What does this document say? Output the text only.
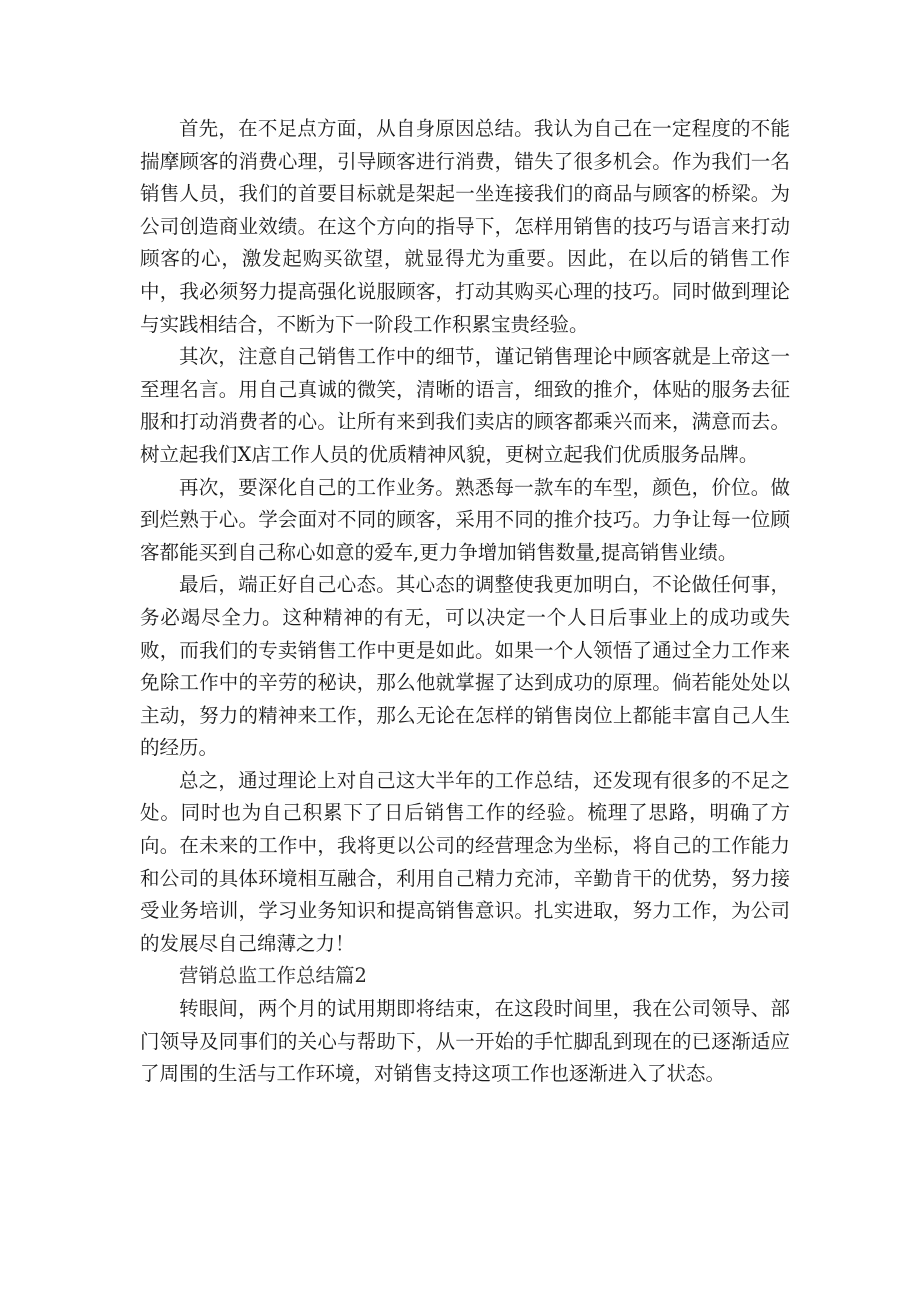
首先，在不足点方面，从自身原因总结。我认为自己在一定程度的不能揣摩顾客的消费心理，引导顾客进行消费，错失了很多机会。作为我们一名销售人员，我们的首要目标就是架起一坐连接我们的商品与顾客的桥梁。为公司创造商业效绩。在这个方向的指导下，怎样用销售的技巧与语言来打动顾客的心，激发起购买欲望，就显得尤为重要。因此，在以后的销售工作中，我必须努力提高强化说服顾客，打动其购买心理的技巧。同时做到理论与实践相结合，不断为下一阶段工作积累宝贵经验。

其次，注意自己销售工作中的细节，谨记销售理论中顾客就是上帝这一至理名言。用自己真诚的微笑，清晰的语言，细致的推介，体贴的服务去征服和打动消费者的心。让所有来到我们卖店的顾客都乘兴而来，满意而去。树立起我们X店工作人员的优质精神风貌，更树立起我们优质服务品牌。

再次，要深化自己的工作业务。熟悉每一款车的车型，颜色，价位。做到烂熟于心。学会面对不同的顾客，采用不同的推介技巧。力争让每一位顾客都能买到自己称心如意的爱车,更力争增加销售数量,提高销售业绩。

最后，端正好自己心态。其心态的调整使我更加明白，不论做任何事，务必竭尽全力。这种精神的有无，可以决定一个人日后事业上的成功或失败，而我们的专卖销售工作中更是如此。如果一个人领悟了通过全力工作来免除工作中的辛劳的秘诀，那么他就掌握了达到成功的原理。倘若能处处以主动，努力的精神来工作，那么无论在怎样的销售岗位上都能丰富自己人生的经历。

总之，通过理论上对自己这大半年的工作总结，还发现有很多的不足之处。同时也为自己积累下了日后销售工作的经验。梳理了思路，明确了方向。在未来的工作中，我将更以公司的经营理念为坐标，将自己的工作能力和公司的具体环境相互融合，利用自己精力充沛，辛勤肯干的优势，努力接受业务培训，学习业务知识和提高销售意识。扎实进取，努力工作，为公司的发展尽自己绵薄之力！

营销总监工作总结篇2

转眼间，两个月的试用期即将结束，在这段时间里，我在公司领导、部门领导及同事们的关心与帮助下，从一开始的手忙脚乱到现在的已逐渐适应了周围的生活与工作环境，对销售支持这项工作也逐渐进入了状态。
